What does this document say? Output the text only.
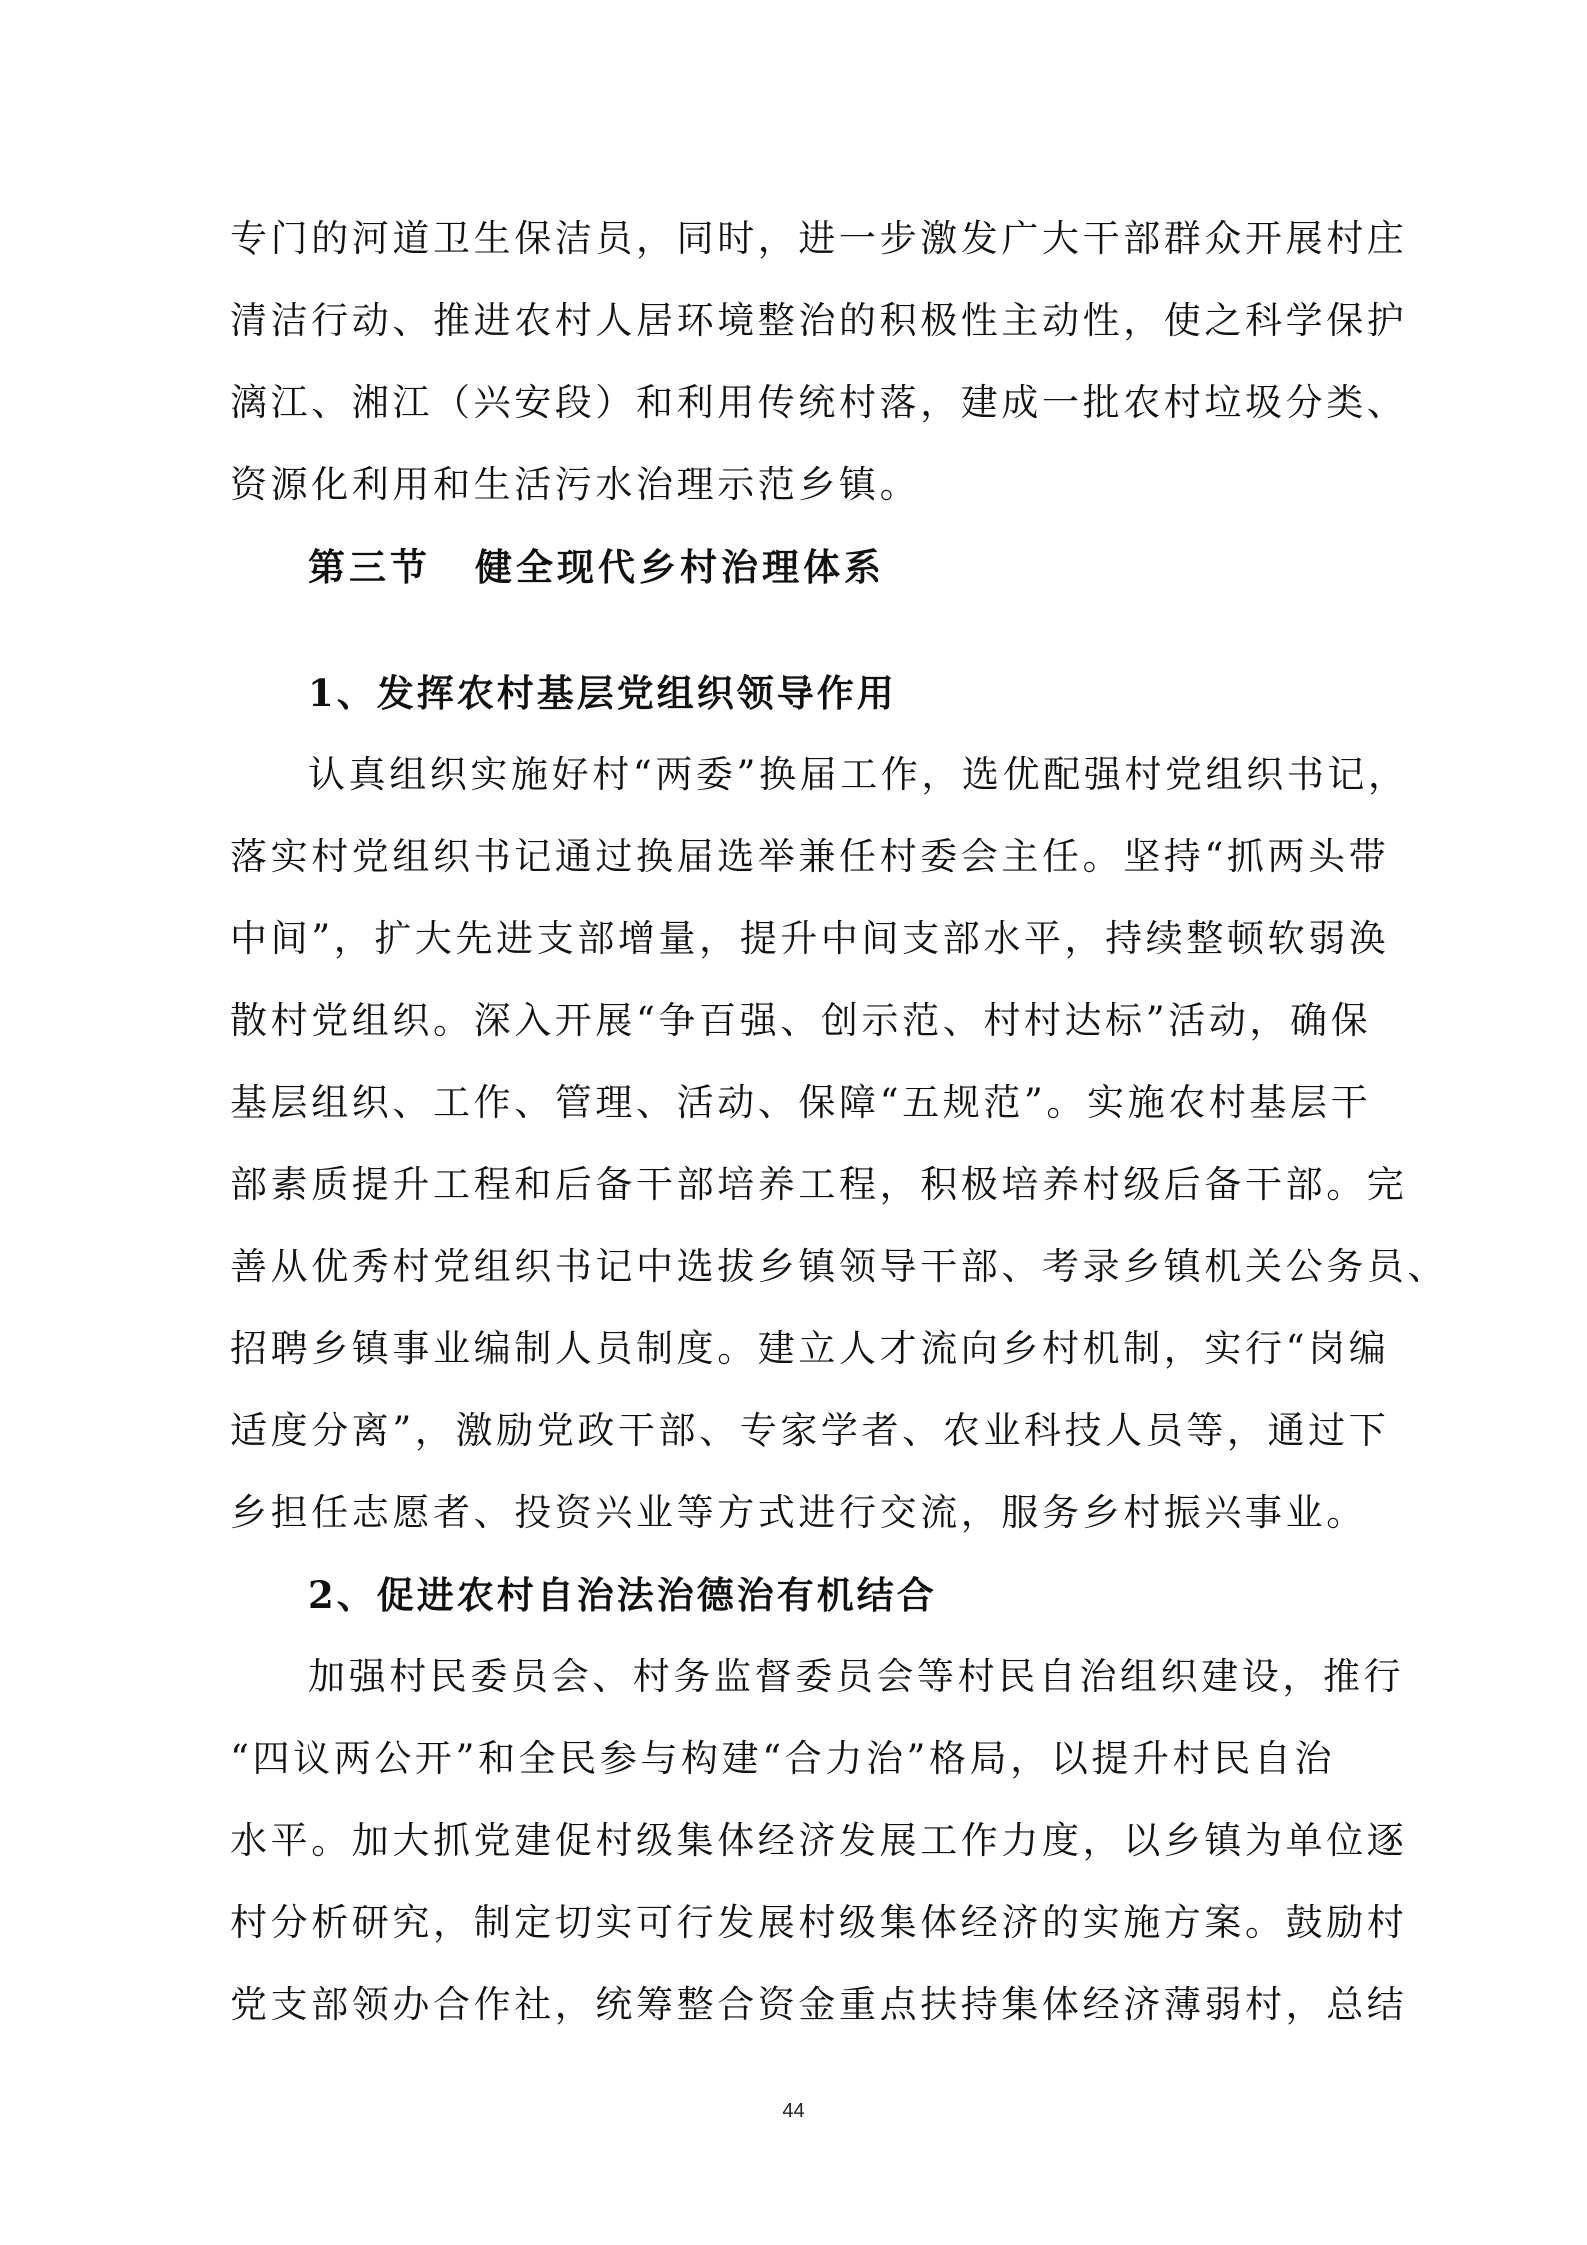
专门的河道卫生保洁员，同时，进一步激发广大干部群众开展村庄
清洁行动、推进农村人居环境整治的积极性主动性，使之科学保护
漓江、湘江（兴安段）和利用传统村落，建成一批农村垃圾分类、
资源化利用和生活污水治理示范乡镇。
第三节 健全现代乡村治理体系
1、发挥农村基层党组织领导作用
认真组织实施好村“两委”换届工作，选优配强村党组织书记，
落实村党组织书记通过换届选举兼任村委会主任。坚持“抓两头带
中间”，扩大先进支部增量，提升中间支部水平，持续整顿软弱涣
散村党组织。深入开展“争百强、创示范、村村达标”活动，确保
基层组织、工作、管理、活动、保障“五规范”。实施农村基层干
部素质提升工程和后备干部培养工程，积极培养村级后备干部。完
善从优秀村党组织书记中选拔乡镇领导干部、考录乡镇机关公务员、
招聘乡镇事业编制人员制度。建立人才流向乡村机制，实行“岗编
适度分离”，激励党政干部、专家学者、农业科技人员等，通过下
乡担任志愿者、投资兴业等方式进行交流，服务乡村振兴事业。
2、促进农村自治法治德治有机结合
加强村民委员会、村务监督委员会等村民自治组织建设，推行
“四议两公开”和全民参与构建“合力治”格局，以提升村民自治
水平。加大抓党建促村级集体经济发展工作力度，以乡镇为单位逐
村分析研究，制定切实可行发展村级集体经济的实施方案。鼓励村
党支部领办合作社，统筹整合资金重点扶持集体经济薄弱村，总结
44
